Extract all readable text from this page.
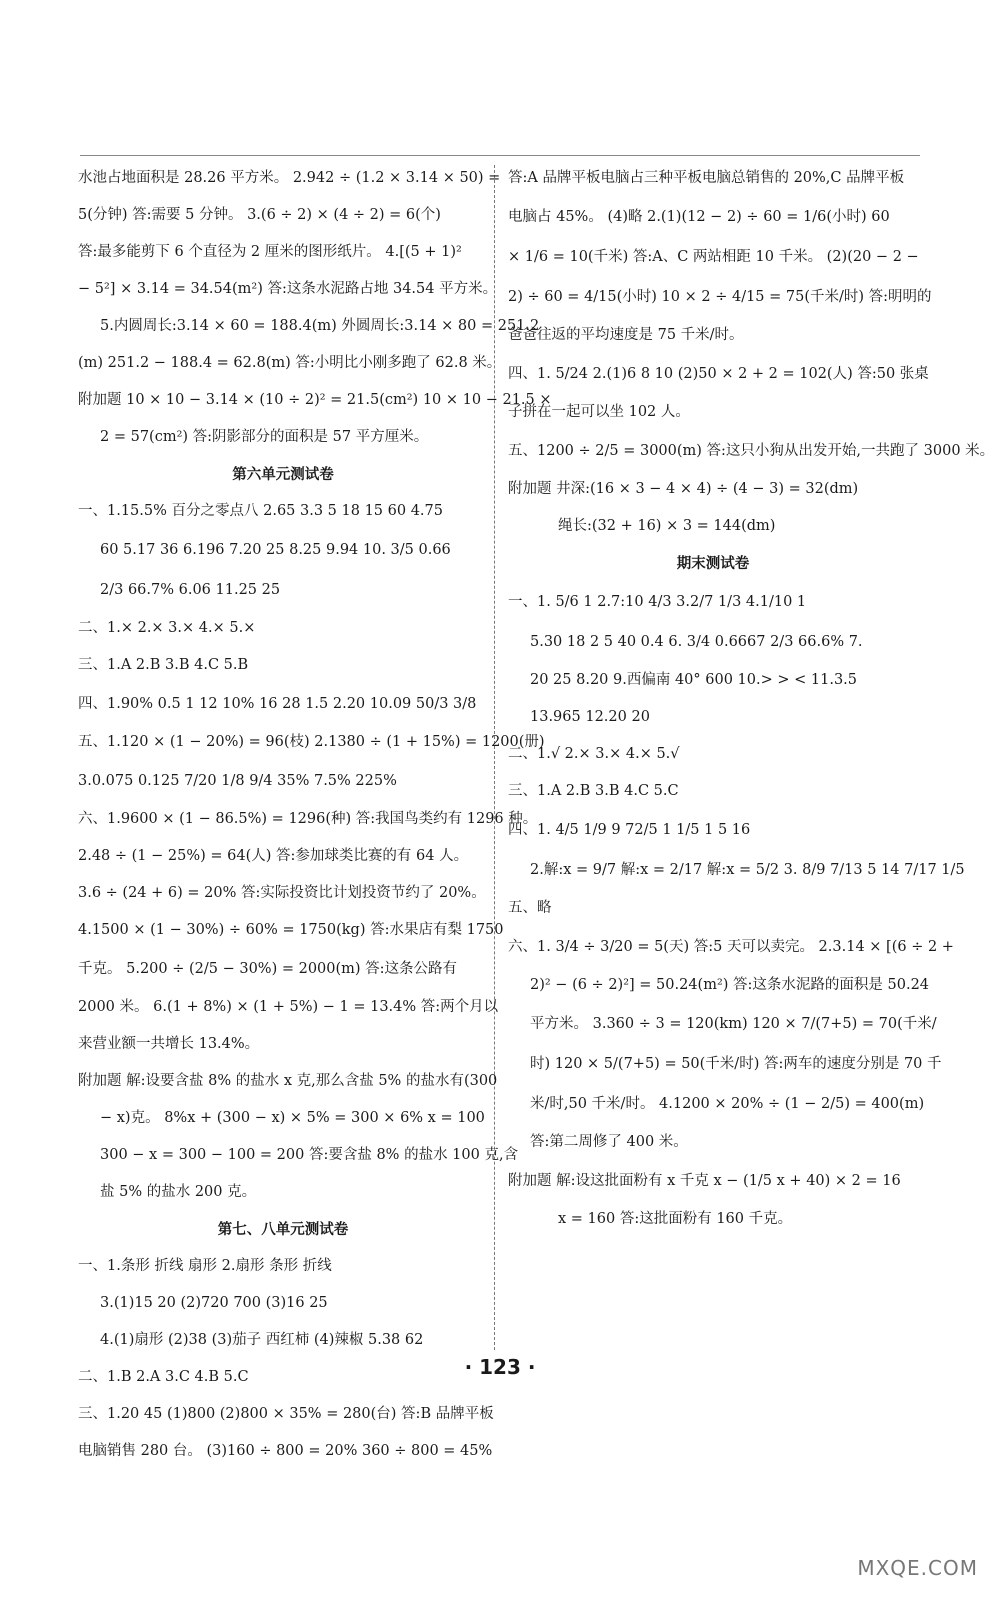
水池占地面积是 28.26 平方米。 2.942 ÷ (1.2 × 3.14 × 50) =
5(分钟) 答:需要 5 分钟。 3.(6 ÷ 2) × (4 ÷ 2) = 6(个)
答:最多能剪下 6 个直径为 2 厘米的图形纸片。 4.[(5 + 1)²
− 5²] × 3.14 = 34.54(m²) 答:这条水泥路占地 34.54 平方米。
5.内圆周长:3.14 × 60 = 188.4(m) 外圆周长:3.14 × 80 = 251.2
(m) 251.2 − 188.4 = 62.8(m) 答:小明比小刚多跑了 62.8 米。
附加题 10 × 10 − 3.14 × (10 ÷ 2)² = 21.5(cm²) 10 × 10 − 21.5 ×
2 = 57(cm²) 答:阴影部分的面积是 57 平方厘米。
第六单元测试卷
一、1.15.5% 百分之零点八 2.65 3.3 5 18 15 60 4.75
60 5.17 36 6.196 7.20 25 8.25 9.94 10. 3/5 0.66
2/3 66.7% 6.06 11.25 25
二、1.× 2.× 3.× 4.× 5.×
三、1.A 2.B 3.B 4.C 5.B
四、1.90% 0.5 1 12 10% 16 28 1.5 2.20 10.09 50/3 3/8
五、1.120 × (1 − 20%) = 96(枝) 2.1380 ÷ (1 + 15%) = 1200(册)
3.0.075 0.125 7/20 1/8 9/4 35% 7.5% 225%
六、1.9600 × (1 − 86.5%) = 1296(种) 答:我国鸟类约有 1296 种。
2.48 ÷ (1 − 25%) = 64(人) 答:参加球类比赛的有 64 人。
3.6 ÷ (24 + 6) = 20% 答:实际投资比计划投资节约了 20%。
4.1500 × (1 − 30%) ÷ 60% = 1750(kg) 答:水果店有梨 1750
千克。 5.200 ÷ (2/5 − 30%) = 2000(m) 答:这条公路有
2000 米。 6.(1 + 8%) × (1 + 5%) − 1 = 13.4% 答:两个月以
来营业额一共增长 13.4%。
附加题 解:设要含盐 8% 的盐水 x 克,那么含盐 5% 的盐水有(300
− x)克。 8%x + (300 − x) × 5% = 300 × 6% x = 100
300 − x = 300 − 100 = 200 答:要含盐 8% 的盐水 100 克,含
盐 5% 的盐水 200 克。
第七、八单元测试卷
一、1.条形 折线 扇形 2.扇形 条形 折线
3.(1)15 20 (2)720 700 (3)16 25
4.(1)扇形 (2)38 (3)茄子 西红柿 (4)辣椒 5.38 62
二、1.B 2.A 3.C 4.B 5.C
三、1.20 45 (1)800 (2)800 × 35% = 280(台) 答:B 品牌平板
电脑销售 280 台。 (3)160 ÷ 800 = 20% 360 ÷ 800 = 45%
答:A 品牌平板电脑占三种平板电脑总销售的 20%,C 品牌平板
电脑占 45%。 (4)略 2.(1)(12 − 2) ÷ 60 = 1/6(小时) 60
× 1/6 = 10(千米) 答:A、C 两站相距 10 千米。 (2)(20 − 2 −
2) ÷ 60 = 4/15(小时) 10 × 2 ÷ 4/15 = 75(千米/时) 答:明明的
爸爸往返的平均速度是 75 千米/时。
四、1. 5/24 2.(1)6 8 10 (2)50 × 2 + 2 = 102(人) 答:50 张桌
子拼在一起可以坐 102 人。
五、1200 ÷ 2/5 = 3000(m) 答:这只小狗从出发开始,一共跑了 3000 米。
附加题 井深:(16 × 3 − 4 × 4) ÷ (4 − 3) = 32(dm)
绳长:(32 + 16) × 3 = 144(dm)
期末测试卷
一、1. 5/6 1 2.7:10 4/3 3.2/7 1/3 4.1/10 1
5.30 18 2 5 40 0.4 6. 3/4 0.6667 2/3 66.6% 7.
20 25 8.20 9.西偏南 40° 600 10.> > < 11.3.5
13.965 12.20 20
二、1.√ 2.× 3.× 4.× 5.√
三、1.A 2.B 3.B 4.C 5.C
四、1. 4/5 1/9 9 72/5 1 1/5 1 5 16
2.解:x = 9/7 解:x = 2/17 解:x = 5/2 3. 8/9 7/13 5 14 7/17 1/5
五、略
六、1. 3/4 ÷ 3/20 = 5(天) 答:5 天可以卖完。 2.3.14 × [(6 ÷ 2 +
2)² − (6 ÷ 2)²] = 50.24(m²) 答:这条水泥路的面积是 50.24
平方米。 3.360 ÷ 3 = 120(km) 120 × 7/(7+5) = 70(千米/
时) 120 × 5/(7+5) = 50(千米/时) 答:两车的速度分别是 70 千
米/时,50 千米/时。 4.1200 × 20% ÷ (1 − 2/5) = 400(m)
答:第二周修了 400 米。
附加题 解:设这批面粉有 x 千克 x − (1/5 x + 40) × 2 = 16
x = 160 答:这批面粉有 160 千克。
· 123 ·
MXQE.COM
